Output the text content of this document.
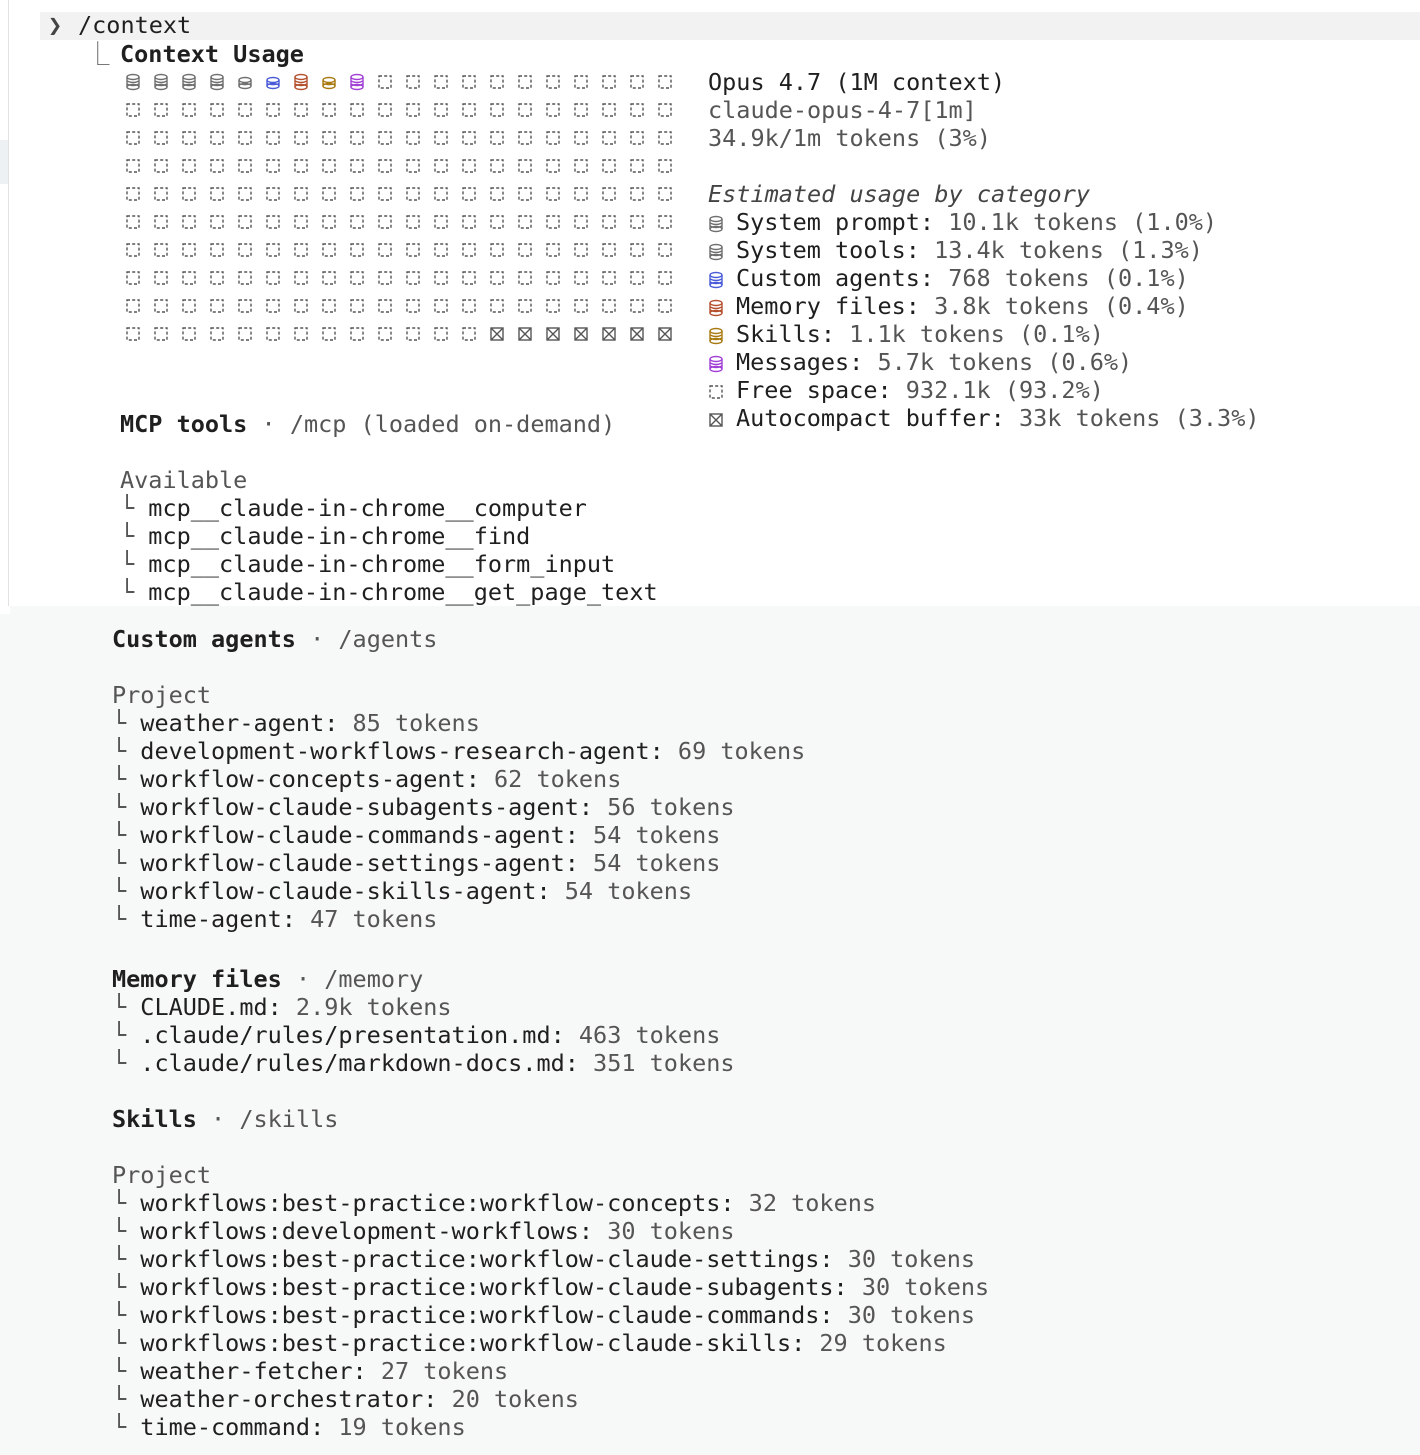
❯ /context
⎿ Context Usage
Opus 4.7 (1M context)
claude-opus-4-7[1m]
34.9k/1m tokens (3%)
Estimated usage by category
System prompt: 10.1k tokens (1.0%)
System tools: 13.4k tokens (1.3%)
Custom agents: 768 tokens (0.1%)
Memory files: 3.8k tokens (0.4%)
Skills: 1.1k tokens (0.1%)
Messages: 5.7k tokens (0.6%)
Free space: 932.1k (93.2%)
Autocompact buffer: 33k tokens (3.3%)
MCP tools · /mcp (loaded on-demand)
Available
└ mcp__claude-in-chrome__computer
└ mcp__claude-in-chrome__find
└ mcp__claude-in-chrome__form_input
└ mcp__claude-in-chrome__get_page_text
Custom agents · /agents
Project
└ weather-agent: 85 tokens
└ development-workflows-research-agent: 69 tokens
└ workflow-concepts-agent: 62 tokens
└ workflow-claude-subagents-agent: 56 tokens
└ workflow-claude-commands-agent: 54 tokens
└ workflow-claude-settings-agent: 54 tokens
└ workflow-claude-skills-agent: 54 tokens
└ time-agent: 47 tokens
Memory files · /memory
└ CLAUDE.md: 2.9k tokens
└ .claude/rules/presentation.md: 463 tokens
└ .claude/rules/markdown-docs.md: 351 tokens
Skills · /skills
Project
└ workflows:best-practice:workflow-concepts: 32 tokens
└ workflows:development-workflows: 30 tokens
└ workflows:best-practice:workflow-claude-settings: 30 tokens
└ workflows:best-practice:workflow-claude-subagents: 30 tokens
└ workflows:best-practice:workflow-claude-commands: 30 tokens
└ workflows:best-practice:workflow-claude-skills: 29 tokens
└ weather-fetcher: 27 tokens
└ weather-orchestrator: 20 tokens
└ time-command: 19 tokens
